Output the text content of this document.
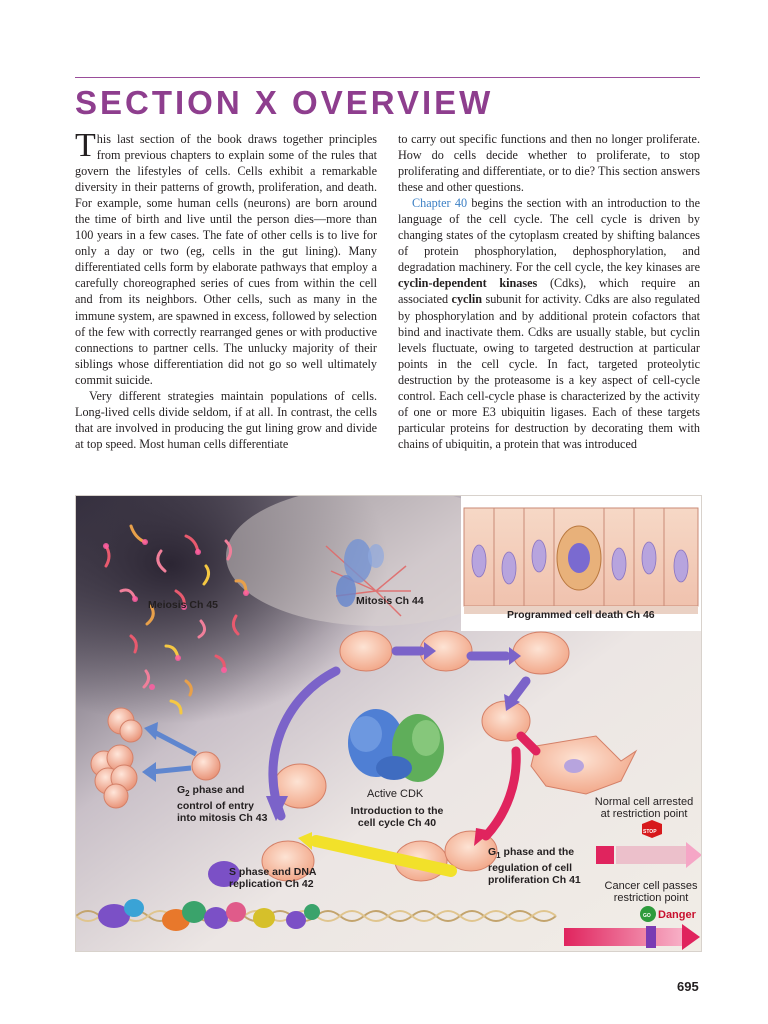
SECTION X OVERVIEW

This last section of the book draws together principles from previous chapters to explain some of the rules that govern the lifestyles of cells. Cells exhibit a remarkable diversity in their patterns of growth, proliferation, and death. For example, some human cells (neurons) are born around the time of birth and live until the person dies—more than 100 years in a few cases. The fate of other cells is to live for only a day or two (eg, cells in the gut lining). Many differentiated cells form by elaborate pathways that employ a carefully choreographed series of cues from within the cell and from its neighbors. Other cells, such as many in the immune system, are spawned in excess, followed by selection of the few with correctly rearranged genes or with productive connections to partner cells. The unlucky majority of their siblings whose differentiation did not go so well ultimately commit suicide.

Very different strategies maintain populations of cells. Long-lived cells divide seldom, if at all. In contrast, the cells that are involved in producing the gut lining grow and divide at top speed. Most human cells differentiate

to carry out specific functions and then no longer proliferate. How do cells decide whether to proliferate, to stop proliferating and differentiate, or to die? This section answers these and other questions.

Chapter 40 begins the section with an introduction to the language of the cell cycle. The cell cycle is driven by changing states of the cytoplasm created by shifting balances of protein phosphorylation, dephosphorylation, and degradation machinery. For the cell cycle, the key kinases are cyclin-dependent kinases (Cdks), which require an associated cyclin subunit for activity. Cdks are also regulated by phosphorylation and by additional protein cofactors that bind and inactivate them. Cdks are usually stable, but cyclin levels fluctuate, owing to targeted destruction at particular points in the cell cycle. In fact, targeted proteolytic destruction by the proteasome is a key aspect of cell-cycle control. Each cell-cycle phase is characterized by the activity of one or more E3 ubiquitin ligases. Each of these targets particular proteins for destruction by decorating them with chains of ubiquitin, a protein that was introduced

Meiosis Ch 45	Mitosis Ch 44
Programmed cell death Ch 46
Active CDK
Introduction to the
cell cycle Ch 40
$G_2$ phase and
control of entry
into mitosis Ch 43
S phase and DNA
replication Ch 42
$G_1$ phase and the
regulation of cell
proliferation Ch 41
Normal cell arrested
at restriction point
STOP
Cancer cell passes
restriction point
GO Danger
695
